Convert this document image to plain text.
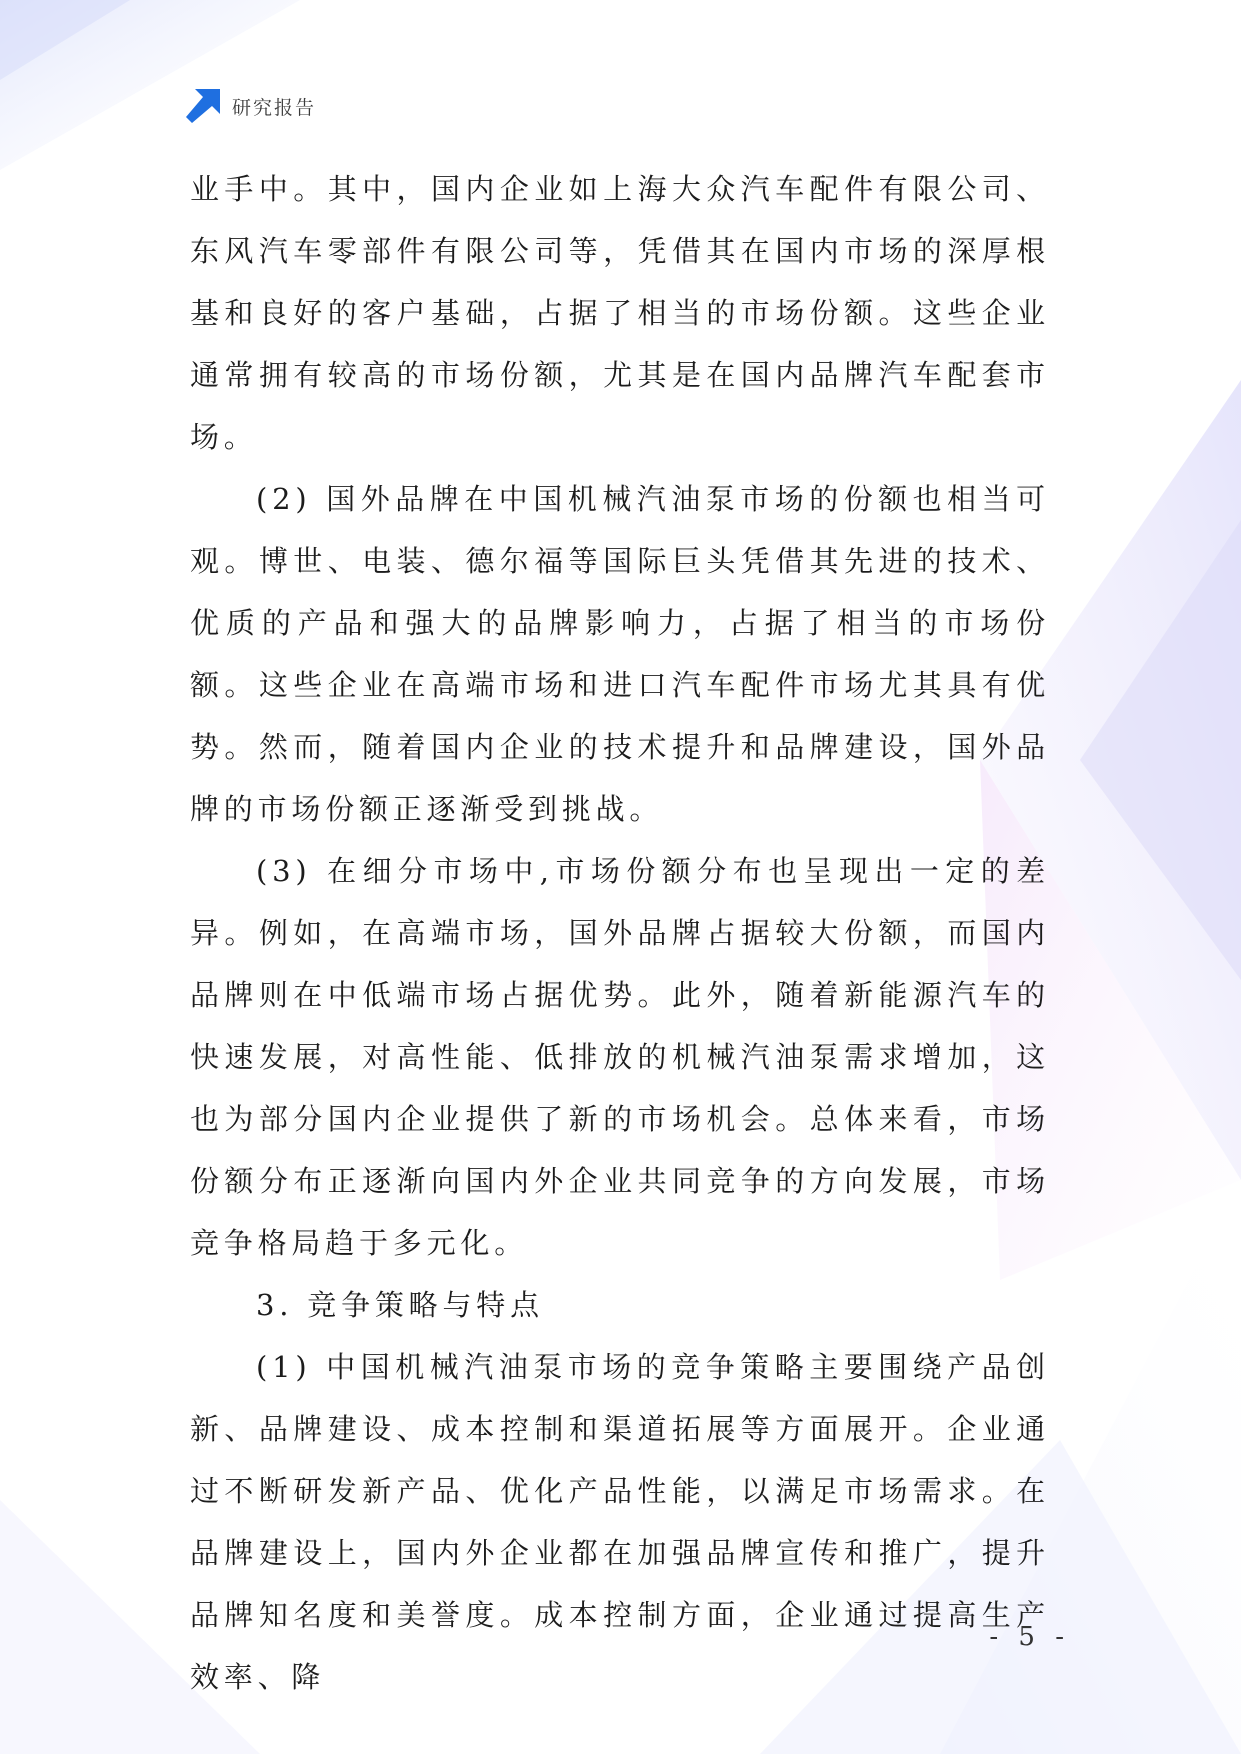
研究报告

业手中。其中，国内企业如上海大众汽车配件有限公司、东风汽车零部件有限公司等，凭借其在国内市场的深厚根基和良好的客户基础，占据了相当的市场份额。这些企业通常拥有较高的市场份额，尤其是在国内品牌汽车配套市场。

(2) 国外品牌在中国机械汽油泵市场的份额也相当可观。博世、电装、德尔福等国际巨头凭借其先进的技术、优质的产品和强大的品牌影响力，占据了相当的市场份额。这些企业在高端市场和进口汽车配件市场尤其具有优势。然而，随着国内企业的技术提升和品牌建设，国外品牌的市场份额正逐渐受到挑战。

(3) 在细分市场中,市场份额分布也呈现出一定的差异。例如，在高端市场，国外品牌占据较大份额，而国内品牌则在中低端市场占据优势。此外，随着新能源汽车的快速发展，对高性能、低排放的机械汽油泵需求增加，这也为部分国内企业提供了新的市场机会。总体来看，市场份额分布正逐渐向国内外企业共同竞争的方向发展，市场竞争格局趋于多元化。

3. 竞争策略与特点

(1) 中国机械汽油泵市场的竞争策略主要围绕产品创新、品牌建设、成本控制和渠道拓展等方面展开。企业通过不断研发新产品、优化产品性能，以满足市场需求。在品牌建设上，国内外企业都在加强品牌宣传和推广，提升品牌知名度和美誉度。成本控制方面，企业通过提高生产效率、降

- 5 -
